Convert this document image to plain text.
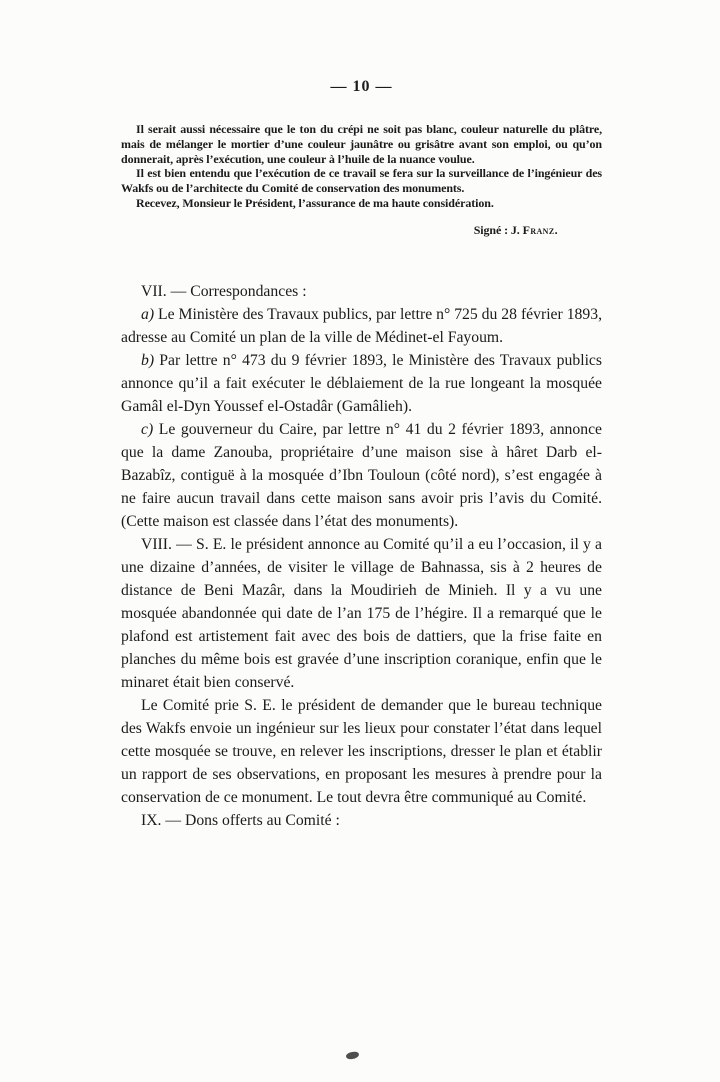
— 10 —

Il serait aussi nécessaire que le ton du crépi ne soit pas blanc, couleur naturelle du plâtre, mais de mélanger le mortier d’une couleur jaunâtre ou grisâtre avant son emploi, ou qu’on donnerait, après l’exécution, une couleur à l’huile de la nuance voulue.

Il est bien entendu que l’exécution de ce travail se fera sur la surveillance de l’ingénieur des Wakfs ou de l’architecte du Comité de conservation des monuments.

Recevez, Monsieur le Président, l’assurance de ma haute considération.

Signé : J. Franz.

VII. — Correspondances :

a) Le Ministère des Travaux publics, par lettre n° 725 du 28 février 1893, adresse au Comité un plan de la ville de Médinet-el Fayoum.

b) Par lettre n° 473 du 9 février 1893, le Ministère des Travaux publics annonce qu’il a fait exécuter le déblaiement de la rue longeant la mosquée Gamâl el-Dyn Youssef el-Ostadâr (Gamâlieh).

c) Le gouverneur du Caire, par lettre n° 41 du 2 février 1893, annonce que la dame Zanouba, propriétaire d’une maison sise à hâret Darb el-Bazabîz, contiguë à la mosquée d’Ibn Touloun (côté nord), s’est engagée à ne faire aucun travail dans cette maison sans avoir pris l’avis du Comité. (Cette maison est classée dans l’état des monuments).

VIII. — S. E. le président annonce au Comité qu’il a eu l’occasion, il y a une dizaine d’années, de visiter le village de Bahnassa, sis à 2 heures de distance de Beni Mazâr, dans la Moudirieh de Minieh. Il y a vu une mosquée abandonnée qui date de l’an 175 de l’hégire. Il a remarqué que le plafond est artistement fait avec des bois de dattiers, que la frise faite en planches du même bois est gravée d’une inscription coranique, enfin que le minaret était bien conservé.

Le Comité prie S. E. le président de demander que le bureau technique des Wakfs envoie un ingénieur sur les lieux pour constater l’état dans lequel cette mosquée se trouve, en relever les inscriptions, dresser le plan et établir un rapport de ses observations, en proposant les mesures à prendre pour la conservation de ce monument. Le tout devra être communiqué au Comité.

IX. — Dons offerts au Comité :
